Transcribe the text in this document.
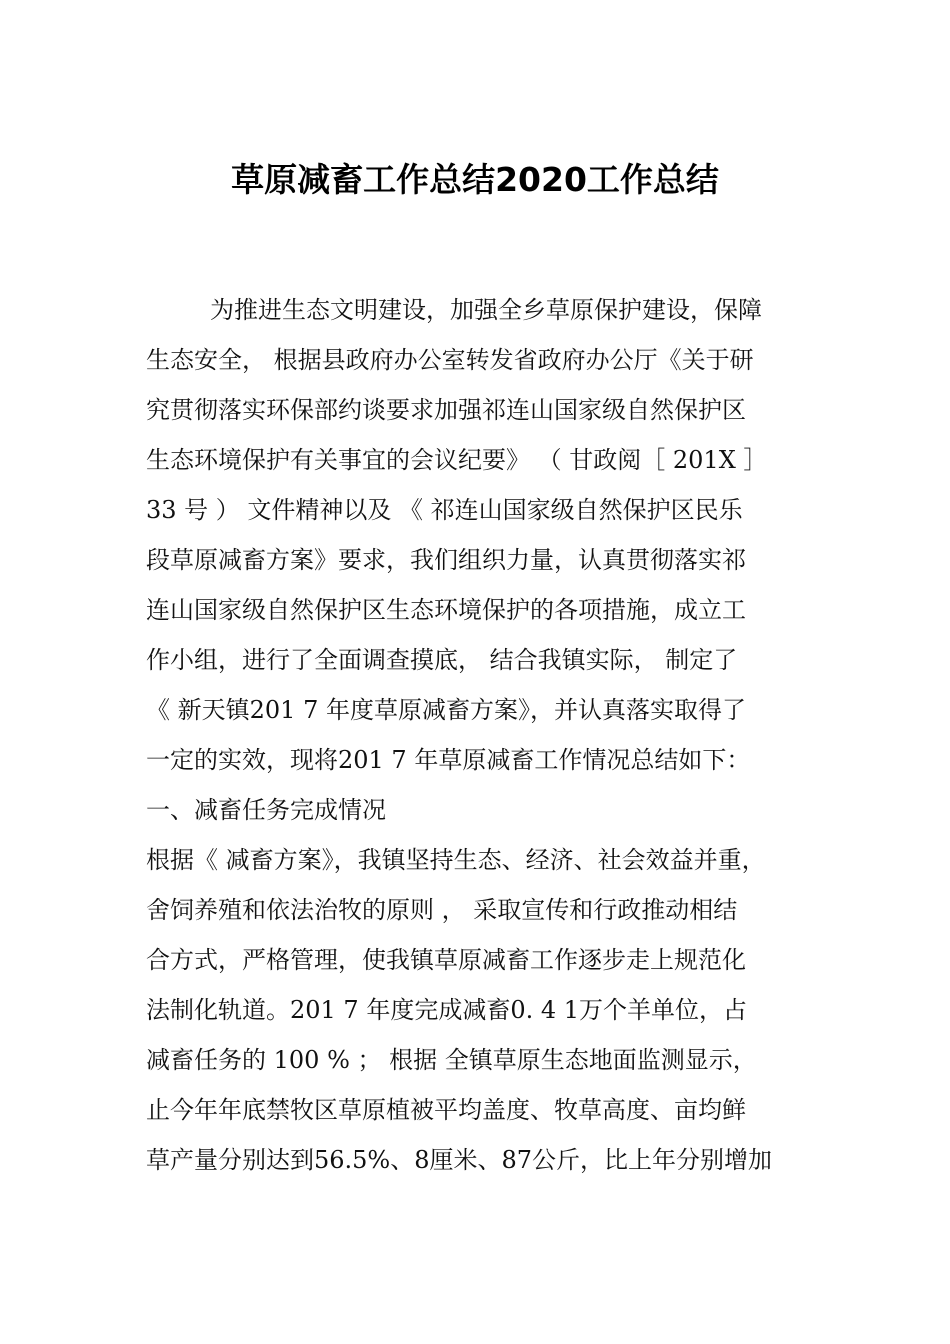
草原减畜工作总结2020工作总结
为推进生态文明建设，加强全乡草原保护建设，保障
生态安全， 根据县政府办公室转发省政府办公厅《关于研
究贯彻落实环保部约谈要求加强祁连山国家级自然保护区
生态环境保护有关事宜的会议纪要》 （ 甘政阅［ 201X ］
33 号 ） 文件精神以及 《 祁连山国家级自然保护区民乐
段草原减畜方案》要求，我们组织力量，认真贯彻落实祁
连山国家级自然保护区生态环境保护的各项措施，成立工
作小组，进行了全面调查摸底， 结合我镇实际， 制定了
《 新天镇201 7 年度草原减畜方案》，并认真落实取得了
一定的实效，现将201 7 年草原减畜工作情况总结如下：
一、减畜任务完成情况
根据《 减畜方案》，我镇坚持生态、经济、社会效益并重，
舍饲养殖和依法治牧的原则 ， 采取宣传和行政推动相结
合方式，严格管理，使我镇草原减畜工作逐步走上规范化
法制化轨道。201 7 年度完成减畜0. 4 1万个羊单位，占
减畜任务的 100 % ； 根据 全镇草原生态地面监测显示，
止今年年底禁牧区草原植被平均盖度、牧草高度、亩均鲜
草产量分别达到56.5%、8厘米、87公斤，比上年分别增加
